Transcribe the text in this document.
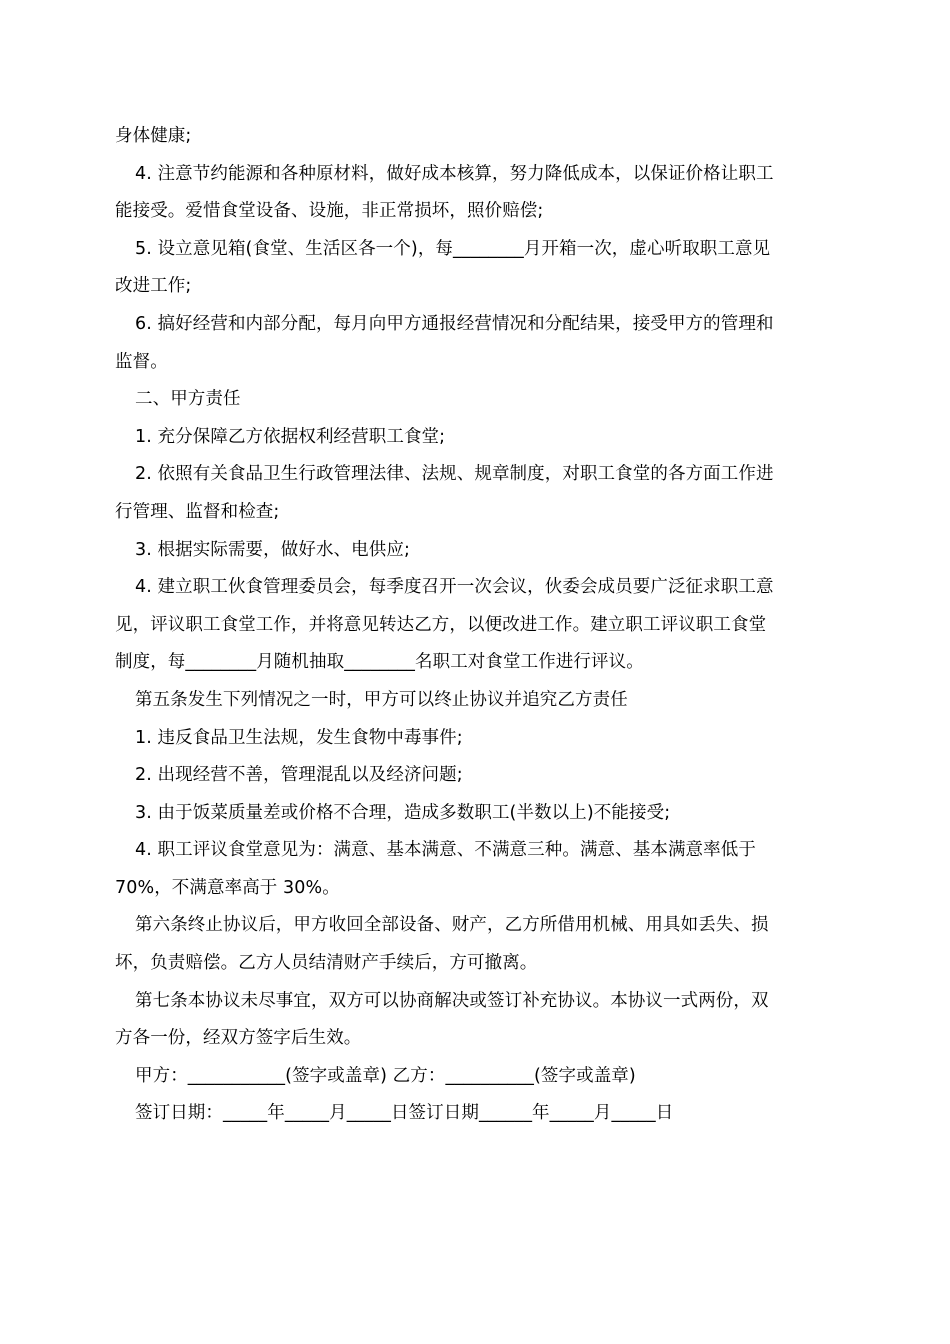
身体健康;

4. 注意节约能源和各种原材料，做好成本核算，努力降低成本，以保证价格让职工

能接受。爱惜食堂设备、设施，非正常损坏，照价赔偿;

5. 设立意见箱(食堂、生活区各一个)，每________月开箱一次，虚心听取职工意见

改进工作;

6. 搞好经营和内部分配，每月向甲方通报经营情况和分配结果，接受甲方的管理和

监督。

二、甲方责任

1. 充分保障乙方依据权利经营职工食堂;

2. 依照有关食品卫生行政管理法律、法规、规章制度，对职工食堂的各方面工作进

行管理、监督和检查;

3. 根据实际需要，做好水、电供应;

4. 建立职工伙食管理委员会，每季度召开一次会议，伙委会成员要广泛征求职工意

见，评议职工食堂工作，并将意见转达乙方，以便改进工作。建立职工评议职工食堂

制度，每________月随机抽取________名职工对食堂工作进行评议。

第五条发生下列情况之一时，甲方可以终止协议并追究乙方责任

1. 违反食品卫生法规，发生食物中毒事件;

2. 出现经营不善，管理混乱以及经济问题;

3. 由于饭菜质量差或价格不合理，造成多数职工(半数以上)不能接受;

4. 职工评议食堂意见为：满意、基本满意、不满意三种。满意、基本满意率低于

70%，不满意率高于 30%。

第六条终止协议后，甲方收回全部设备、财产，乙方所借用机械、用具如丢失、损

坏，负责赔偿。乙方人员结清财产手续后，方可撤离。

第七条本协议未尽事宜，双方可以协商解决或签订补充协议。本协议一式两份，双

方各一份，经双方签字后生效。

甲方：___________(签字或盖章) 乙方：__________(签字或盖章)

签订日期：_____年_____月_____日签订日期______年_____月_____日
